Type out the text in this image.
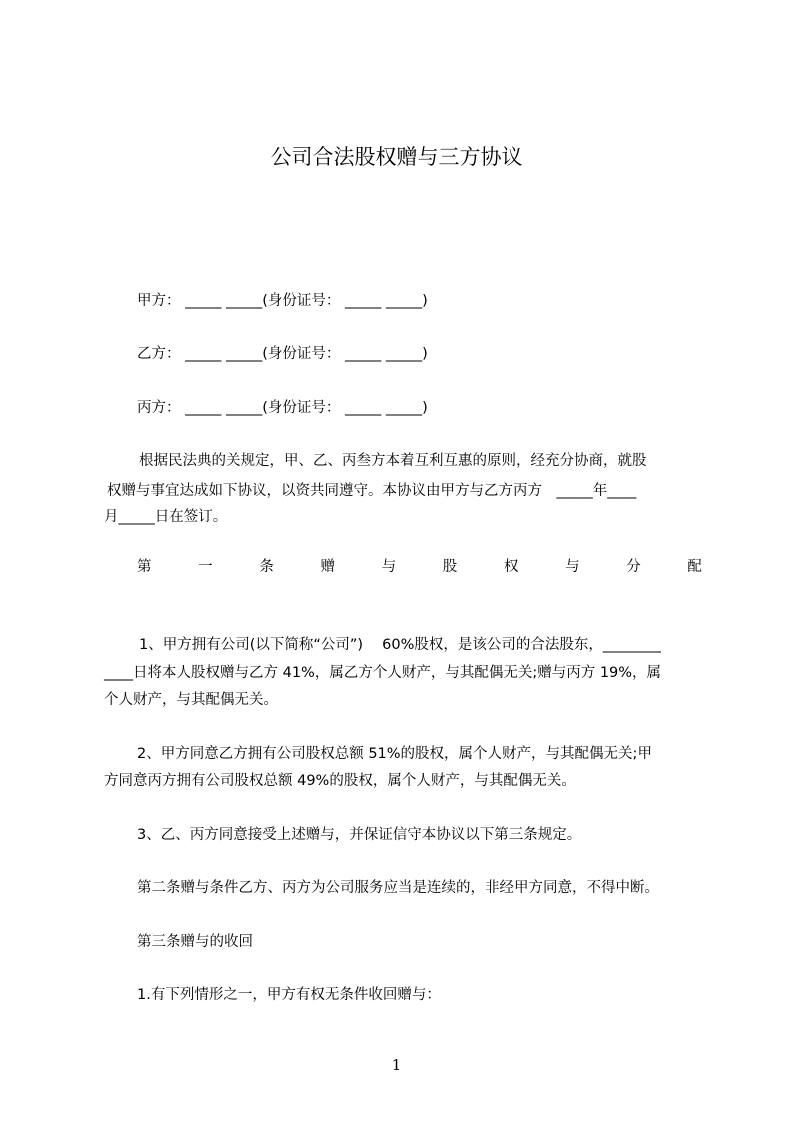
公司合法股权赠与三方协议

甲方： _____ _____(身份证号： _____ _____)

乙方： _____ _____(身份证号： _____ _____)

丙方： _____ _____(身份证号： _____ _____)

根据民法典的关规定，甲、乙、丙叁方本着互利互惠的原则，经充分协商，就股

权赠与事宜达成如下协议，以资共同遵守。本协议由甲方与乙方丙方　_____年____

月_____日在签订。

第	一	条	赠	与	股	权	与	分	配

1、甲方拥有公司(以下简称“公司”)　 60%股权，是该公司的合法股东，________

____日将本人股权赠与乙方 41%，属乙方个人财产，与其配偶无关;赠与丙方 19%，属

个人财产，与其配偶无关。

2、甲方同意乙方拥有公司股权总额 51%的股权，属个人财产，与其配偶无关;甲

方同意丙方拥有公司股权总额 49%的股权，属个人财产，与其配偶无关。

3、乙、丙方同意接受上述赠与，并保证信守本协议以下第三条规定。

第二条赠与条件乙方、丙方为公司服务应当是连续的，非经甲方同意，不得中断。

第三条赠与的收回

1.有下列情形之一，甲方有权无条件收回赠与：

1
